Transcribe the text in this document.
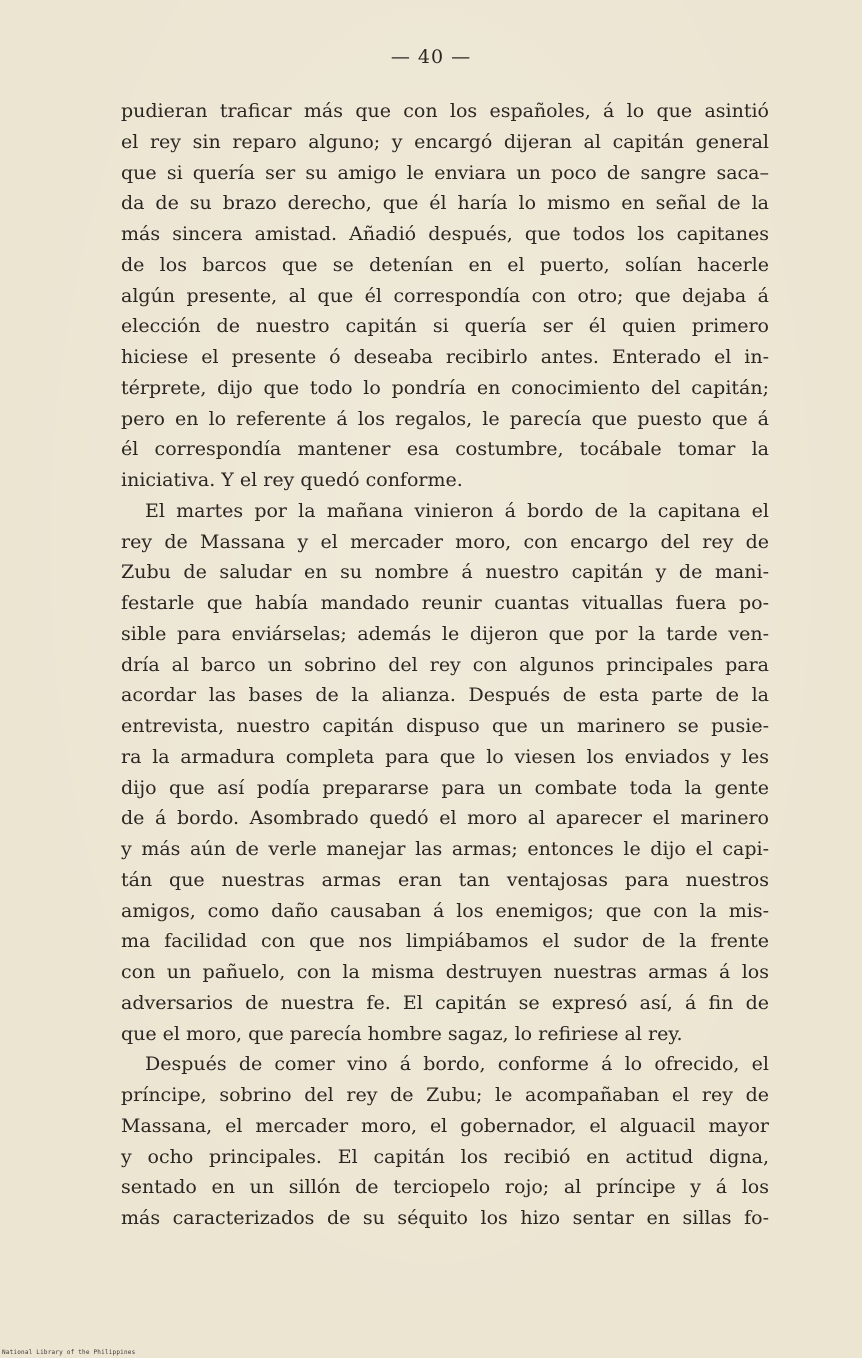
— 40 —
pudieran traficar más que con los españoles, á lo que asintió
el rey sin reparo alguno; y encargó dijeran al capitán general
que si quería ser su amigo le enviara un poco de sangre saca–
da de su brazo derecho, que él haría lo mismo en señal de la
más sincera amistad. Añadió después, que todos los capitanes
de los barcos que se detenían en el puerto, solían hacerle
algún presente, al que él correspondía con otro; que dejaba á
elección de nuestro capitán si quería ser él quien primero
hiciese el presente ó deseaba recibirlo antes. Enterado el in-
térprete, dijo que todo lo pondría en conocimiento del capitán;
pero en lo referente á los regalos, le parecía que puesto que á
él correspondía mantener esa costumbre, tocábale tomar la
iniciativa. Y el rey quedó conforme.
El martes por la mañana vinieron á bordo de la capitana el
rey de Massana y el mercader moro, con encargo del rey de
Zubu de saludar en su nombre á nuestro capitán y de mani-
festarle que había mandado reunir cuantas vituallas fuera po-
sible para enviárselas; además le dijeron que por la tarde ven-
dría al barco un sobrino del rey con algunos principales para
acordar las bases de la alianza. Después de esta parte de la
entrevista, nuestro capitán dispuso que un marinero se pusie-
ra la armadura completa para que lo viesen los enviados y les
dijo que así podía prepararse para un combate toda la gente
de á bordo. Asombrado quedó el moro al aparecer el marinero
y más aún de verle manejar las armas; entonces le dijo el capi-
tán que nuestras armas eran tan ventajosas para nuestros
amigos, como daño causaban á los enemigos; que con la mis-
ma facilidad con que nos limpiábamos el sudor de la frente
con un pañuelo, con la misma destruyen nuestras armas á los
adversarios de nuestra fe. El capitán se expresó así, á fin de
que el moro, que parecía hombre sagaz, lo refiriese al rey.
Después de comer vino á bordo, conforme á lo ofrecido, el
príncipe, sobrino del rey de Zubu; le acompañaban el rey de
Massana, el mercader moro, el gobernador, el alguacil mayor
y ocho principales. El capitán los recibió en actitud digna,
sentado en un sillón de terciopelo rojo; al príncipe y á los
más caracterizados de su séquito los hizo sentar en sillas fo-
National Library of the Philippines
